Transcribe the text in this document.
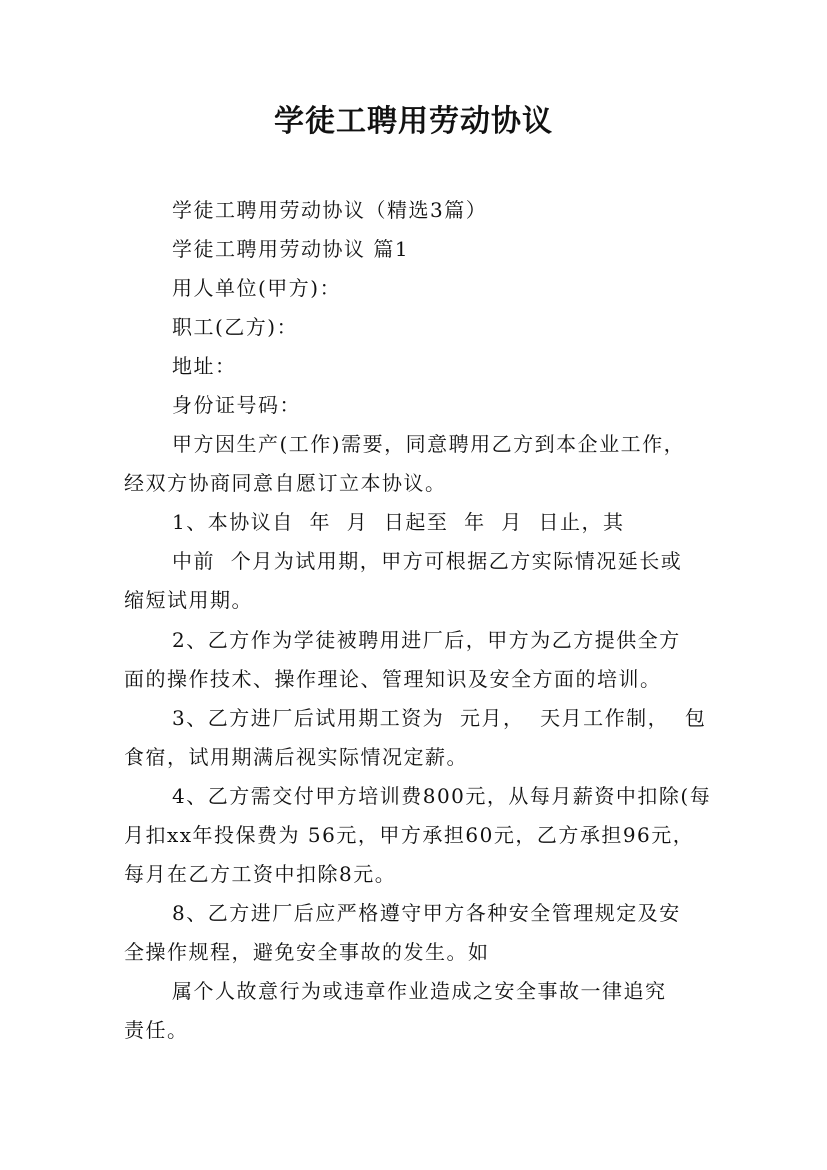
学徒工聘用劳动协议
学徒工聘用劳动协议（精选3篇）
学徒工聘用劳动协议 篇1
用人单位(甲方)：
职工(乙方)：
地址：
身份证号码：
甲方因生产(工作)需要，同意聘用乙方到本企业工作，
经双方协商同意自愿订立本协议。
1、本协议自  年  月  日起至  年  月  日止，其
中前  个月为试用期，甲方可根据乙方实际情况延长或
缩短试用期。
2、乙方作为学徒被聘用进厂后，甲方为乙方提供全方
面的操作技术、操作理论、管理知识及安全方面的培训。
3、乙方进厂后试用期工资为  元月，  天月工作制，  包
食宿，试用期满后视实际情况定薪。
4、乙方需交付甲方培训费800元，从每月薪资中扣除(每
月扣xx年投保费为 56元，甲方承担60元，乙方承担96元，
每月在乙方工资中扣除8元。
8、乙方进厂后应严格遵守甲方各种安全管理规定及安
全操作规程，避免安全事故的发生。如
属个人故意行为或违章作业造成之安全事故一律追究
责任。
